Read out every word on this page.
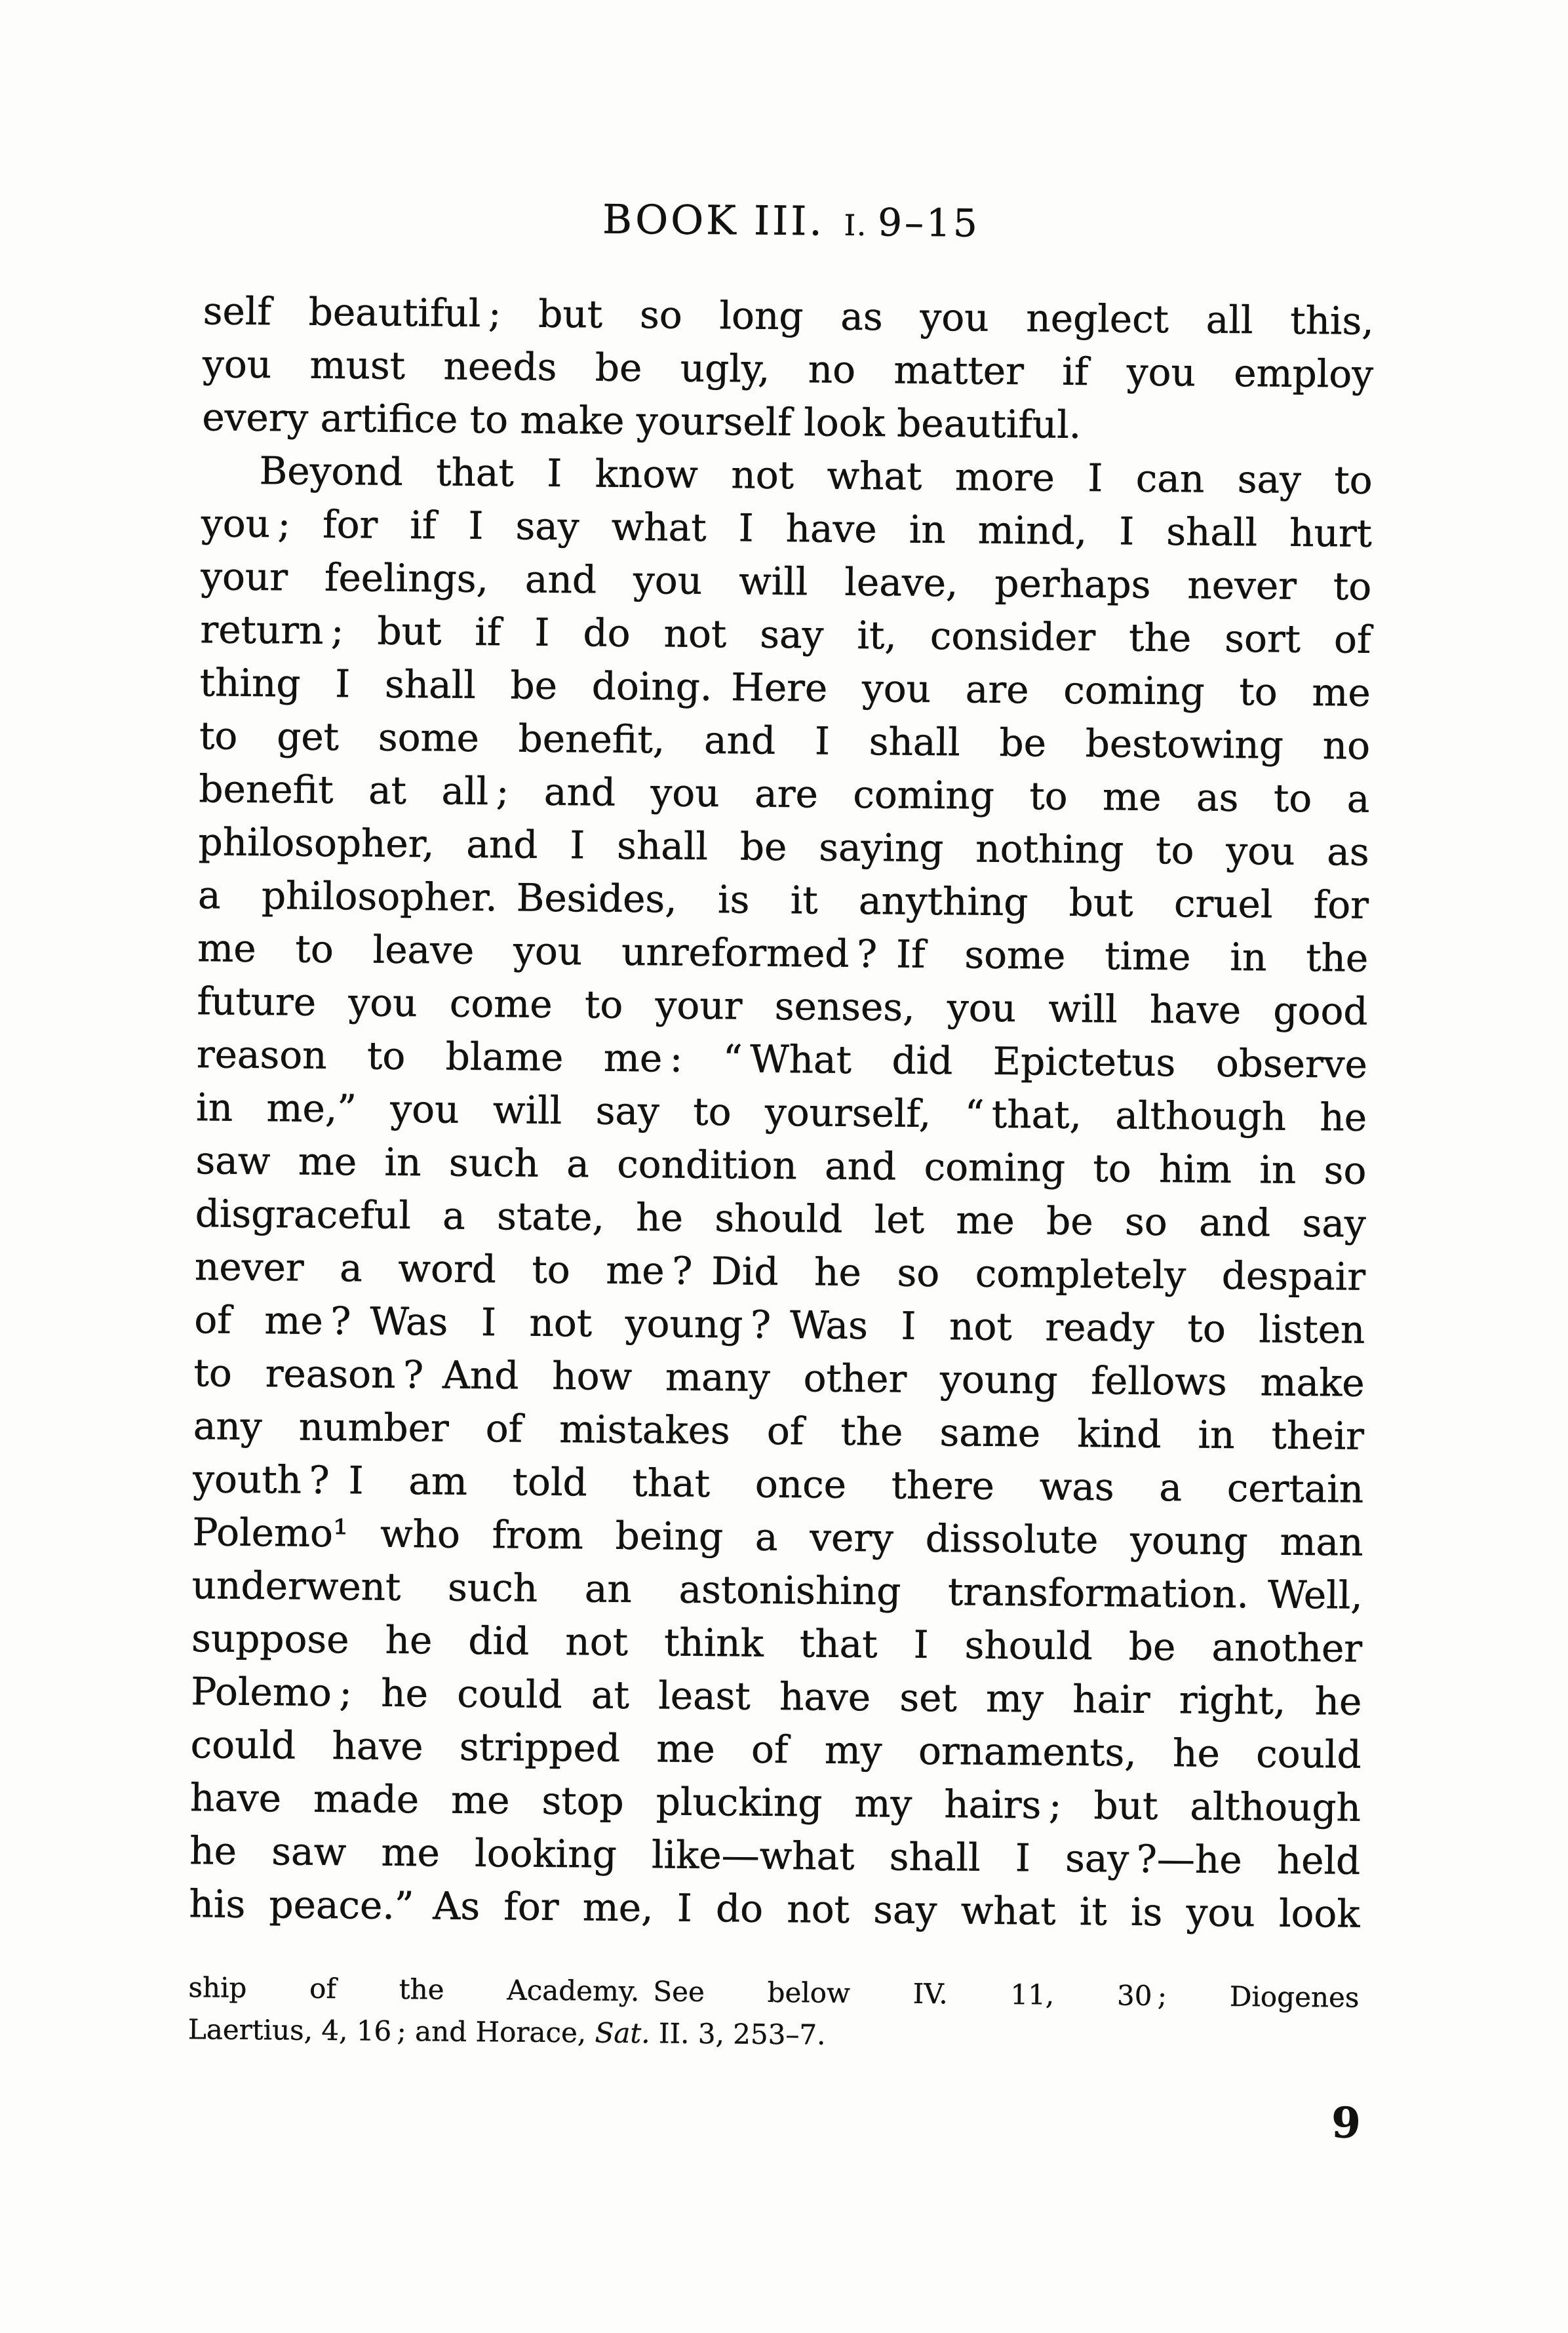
BOOK III. I. 9–15
self beautiful ; but so long as you neglect all this,
you must needs be ugly, no matter if you employ
every artifice to make yourself look beautiful.
Beyond that I know not what more I can say to
you ; for if I say what I have in mind, I shall hurt
your feelings, and you will leave, perhaps never to
return ; but if I do not say it, consider the sort of
thing I shall be doing. Here you are coming to me
to get some benefit, and I shall be bestowing no
benefit at all ; and you are coming to me as to a
philosopher, and I shall be saying nothing to you as
a philosopher. Besides, is it anything but cruel for
me to leave you unreformed ? If some time in the
future you come to your senses, you will have good
reason to blame me : “ What did Epictetus observe
in me,” you will say to yourself, “ that, although he
saw me in such a condition and coming to him in so
disgraceful a state, he should let me be so and say
never a word to me ? Did he so completely despair
of me ? Was I not young ? Was I not ready to listen
to reason ? And how many other young fellows make
any number of mistakes of the same kind in their
youth ? I am told that once there was a certain
Polemo¹ who from being a very dissolute young man
underwent such an astonishing transformation. Well,
suppose he did not think that I should be another
Polemo ; he could at least have set my hair right, he
could have stripped me of my ornaments, he could
have made me stop plucking my hairs ; but although
he saw me looking like—what shall I say ?—he held
his peace.” As for me, I do not say what it is you look
ship of the Academy. See below IV. 11, 30 ; Diogenes
Laertius, 4, 16 ; and Horace, Sat. II. 3, 253–7.
9
